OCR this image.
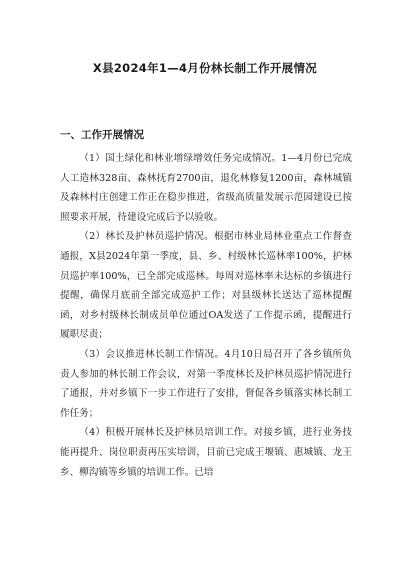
X县2024年1—4月份林长制工作开展情况
一、工作开展情况

（1）国土绿化和林业增绿增效任务完成情况。1—4月份已完成人工造林328亩、森林抚育2700亩，退化林修复1200亩，森林城镇及森林村庄创建工作正在稳步推进，省级高质量发展示范园建设已按照要求开展，待建设完成后予以验收。

（2）林长及护林员巡护情况。根据市林业局林业重点工作督查通报，X县2024年第一季度，县、乡、村级林长巡林率100%，护林员巡护率100%，已全部完成巡林。每周对巡林率未达标的乡镇进行提醒，确保月底前全部完成巡护工作；对县级林长送达了巡林提醒函，对乡村级林长制成员单位通过OA发送了工作提示函，提醒进行履职尽责；

（3）会议推进林长制工作情况。4月10日局召开了各乡镇所负责人参加的林长制工作会议，对第一季度林长及护林员巡护情况进行了通报，并对乡镇下一步工作进行了安排，督促各乡镇落实林长制工作任务；

（4）积极开展林长及护林员培训工作。对接乡镇，进行业务技能再提升、岗位职责再压实培训，目前已完成王堰镇、惠城镇、龙王乡、柳沟镇等乡镇的培训工作。已培
